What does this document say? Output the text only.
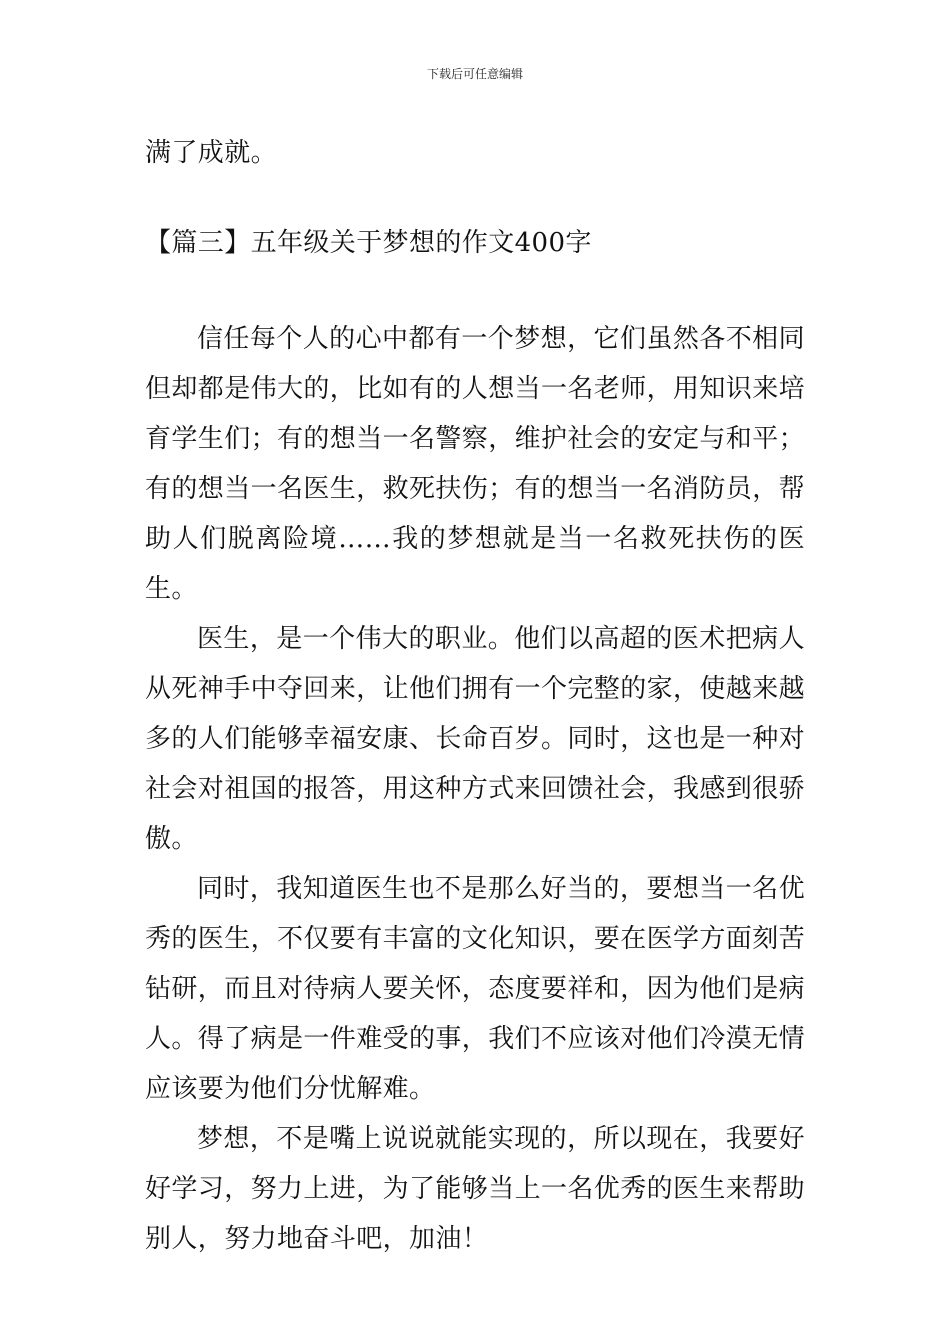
下载后可任意编辑

满了成就。

【篇三】五年级关于梦想的作文400字

信任每个人的心中都有一个梦想，它们虽然各不相同但却都是伟大的，比如有的人想当一名老师，用知识来培育学生们；有的想当一名警察，维护社会的安定与和平；有的想当一名医生，救死扶伤；有的想当一名消防员，帮助人们脱离险境……我的梦想就是当一名救死扶伤的医生。

医生，是一个伟大的职业。他们以高超的医术把病人从死神手中夺回来，让他们拥有一个完整的家，使越来越多的人们能够幸福安康、长命百岁。同时，这也是一种对社会对祖国的报答，用这种方式来回馈社会，我感到很骄傲。

同时，我知道医生也不是那么好当的，要想当一名优秀的医生，不仅要有丰富的文化知识，要在医学方面刻苦钻研，而且对待病人要关怀，态度要祥和，因为他们是病人。得了病是一件难受的事，我们不应该对他们冷漠无情应该要为他们分忧解难。

梦想，不是嘴上说说就能实现的，所以现在，我要好好学习，努力上进，为了能够当上一名优秀的医生来帮助别人，努力地奋斗吧，加油！
